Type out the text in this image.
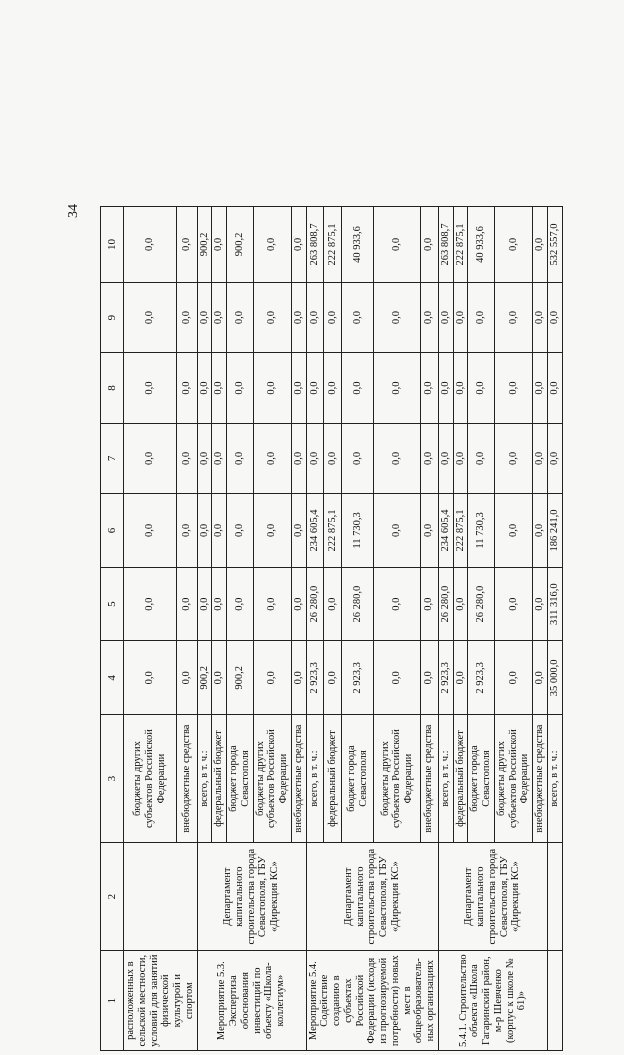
34
1	2	3	4	5	6	7	8	9	10
расположенных в сельской местности, условий для занятий физической культурой и спортом		бюджеты других субъектов Российской Федерации	0,0	0,0	0,0	0,0	0,0	0,0	0,0
		внебюджетные средства	0,0	0,0	0,0	0,0	0,0	0,0	0,0
Мероприятие 5.3. Экспертиза обоснования инвестиций по объекту «Школа-коллегиум»	Департамент капитального строительства города Севастополя, ГБУ «Дирекция КС»	всего, в т. ч.:	900,2	0,0	0,0	0,0	0,0	0,0	900,2
		федеральный бюджет	0,0	0,0	0,0	0,0	0,0	0,0	0,0
		бюджет города Севастополя	900,2	0,0	0,0	0,0	0,0	0,0	900,2
		бюджеты других субъектов Российской Федерации	0,0	0,0	0,0	0,0	0,0	0,0	0,0
		внебюджетные средства	0,0	0,0	0,0	0,0	0,0	0,0	0,0
Мероприятие 5.4. Содействие созданию в субъектах Российской Федерации (исходя из прогнозируемой потребности) новых мест в общеобразователь-ных организациях	Департамент капитального строительства города Севастополя, ГБУ «Дирекция КС»	всего, в т. ч.:	2 923,3	26 280,0	234 605,4	0,0	0,0	0,0	263 808,7
		федеральный бюджет	0,0	0,0	222 875,1	0,0	0,0	0,0	222 875,1
		бюджет города Севастополя	2 923,3	26 280,0	11 730,3	0,0	0,0	0,0	40 933,6
		бюджеты других субъектов Российской Федерации	0,0	0,0	0,0	0,0	0,0	0,0	0,0
		внебюджетные средства	0,0	0,0	0,0	0,0	0,0	0,0	0,0
5.4.1. Строительство объекта «Школа Гагаринский район, м-р Шевченко (корпус к школе № 61)»	Департамент капитального строительства города Севастополя, ГБУ «Дирекция КС»	всего, в т. ч.:	2 923,3	26 280,0	234 605,4	0,0	0,0	0,0	263 808,7
		федеральный бюджет	0,0	0,0	222 875,1	0,0	0,0	0,0	222 875,1
		бюджет города Севастополя	2 923,3	26 280,0	11 730,3	0,0	0,0	0,0	40 933,6
		бюджеты других субъектов Российской Федерации	0,0	0,0	0,0	0,0	0,0	0,0	0,0
		внебюджетные средства	0,0	0,0	0,0	0,0	0,0	0,0	0,0
		всего, в т. ч.:	35 000,0	311 316,0	186 241,0	0,0	0,0	0,0	532 557,0
